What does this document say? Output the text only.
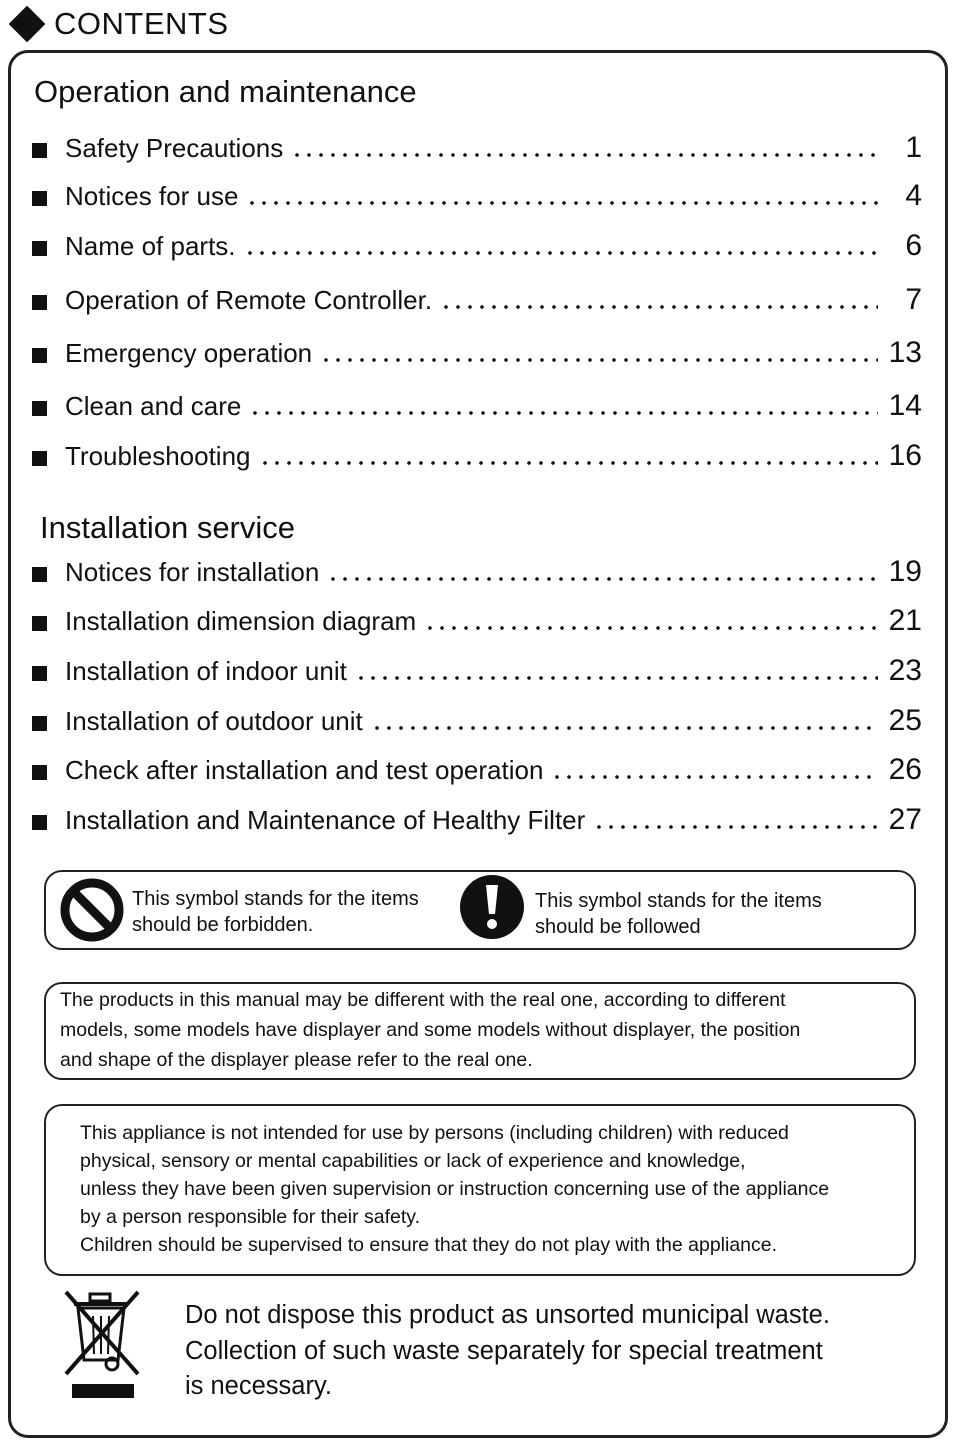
CONTENTS
Operation and maintenance
Safety Precautions	1
Notices for use	4
Name of parts.	6
Operation of Remote Controller.	7
Emergency operation	13
Clean and care	14
Troubleshooting	16
Installation service
Notices for installation	19
Installation dimension diagram	21
Installation of indoor unit	23
Installation of outdoor unit	25
Check after installation and test operation	26
Installation and Maintenance of Healthy Filter	27
This symbol stands for the items
should be forbidden.
This symbol stands for the items
should be followed
The products in this manual may be different with the real one, according to different
models, some models have displayer and some models without displayer, the position
and shape of the displayer please refer to the real one.
This appliance is not intended for use by persons (including children) with reduced
physical, sensory or mental capabilities or lack of experience and knowledge,
unless they have been given supervision or instruction concerning use of the appliance
by a person responsible for their safety.
Children should be supervised to ensure that they do not play with the appliance.
Do not dispose this product as unsorted municipal waste.
Collection of such waste separately for special treatment
is necessary.
